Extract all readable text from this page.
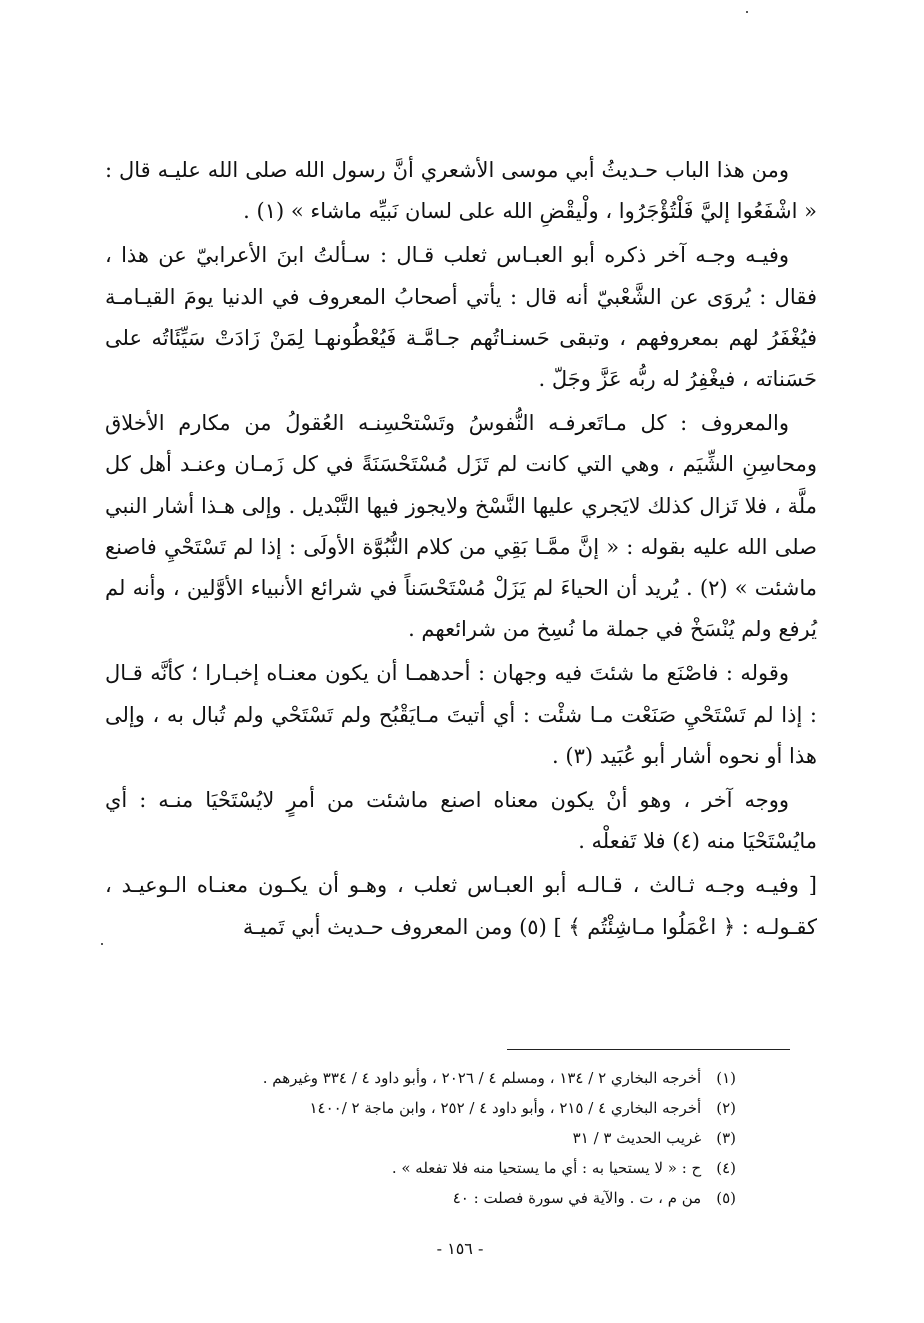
ومن هذا الباب حـديثُ أبي موسى الأشعري أنَّ رسول الله صلى الله عليـه قال : « اشْفَعُوا إليَّ فَلْتُؤْجَرُوا ، ولْيقْضِ الله على لسان نَبيِّه ماشاء » (١) .

وفيـه وجـه آخر ذكره أبو العبـاس ثعلب قـال : سـألتُ ابنَ الأعرابيّ عن هذا ، فقال : يُروَى عن الشَّعْبيّ أنه قال : يأتي أصحابُ المعروف في الدنيا يومَ القيـامـة فيُغْفَرُ لهم بمعروفهم ، وتبقى حَسنـاتُهم جـامَّـة فَيُعْطُونهـا لِمَنْ زَادَتْ سَيِّئَاتُه على حَسَناته ، فيغْفِرُ له ربُّه عَزَّ وجَلّ .

والمعروف : كل مـاتَعرفـه النُّفوسُ وتَسْتحْسِنـه العُقولُ من مكارم الأخلاق ومحاسِنِ الشِّيَم ، وهي التي كانت لم تَزَل مُسْتَحْسَنَةً في كل زَمـان وعنـد أهل كل ملَّة ، فلا تَزال كذلك لايَجري عليها النَّسْخ ولايجوز فيها التَّبْديل . وإلى هـذا أشار النبي صلى الله عليه بقوله : « إنَّ ممَّـا بَقِي من كلام النُّبُوَّة الأولَى : إذا لم تَسْتَحْيِ فاصنع ماشئت » (٢) . يُريد أن الحياءَ لم يَزَلْ مُسْتَحْسَناً في شرائع الأنبياء الأوَّلين ، وأنه لم يُرفع ولم يُنْسَخْ في جملة ما نُسِخ من شرائعهم .

وقوله : فاصْنَع ما شئتَ فيه وجهان : أحدهمـا أن يكون معنـاه إخبـارا ؛ كأنَّه قـال : إذا لم تَسْتَحْيِ صَنَعْت مـا شئْت : أي أتيتَ مـايَقْبُح ولم تَسْتَحْي ولم تُبال به ، وإلى هذا أو نحوه أشار أبو عُبَيد (٣) .

ووجه آخر ، وهو أنْ يكون معناه اصنع ماشئت من أمرٍ لايُسْتَحْيَا منـه : أي مايُسْتَحْيَا منه (٤) فلا تَفعلْه .

[ وفيـه وجـه ثـالث ، قـالـه أبو العبـاس ثعلب ، وهـو أن يكـون معنـاه الـوعيـد ، كقـولـه : ﴿ اعْمَلُوا مـاشِئْتُم ﴾ ] (٥) ومن المعروف حـديث أبي تَميـة

(١) أخرجه البخاري ٢ / ١٣٤ ، ومسلم ٤ / ٢٠٢٦ ، وأبو داود ٤ / ٣٣٤ وغيرهم .
(٢) أخرجه البخاري ٤ / ٢١٥ ، وأبو داود ٤ / ٢٥٢ ، وابن ماجة ٢ /١٤٠٠
(٣) غريب الحديث ٣ / ٣١
(٤) ح : « لا يستحيا به : أي ما يستحيا منه فلا تفعله » .
(٥) من م ، ت . والآية في سورة فصلت : ٤٠
- ١٥٦ -
